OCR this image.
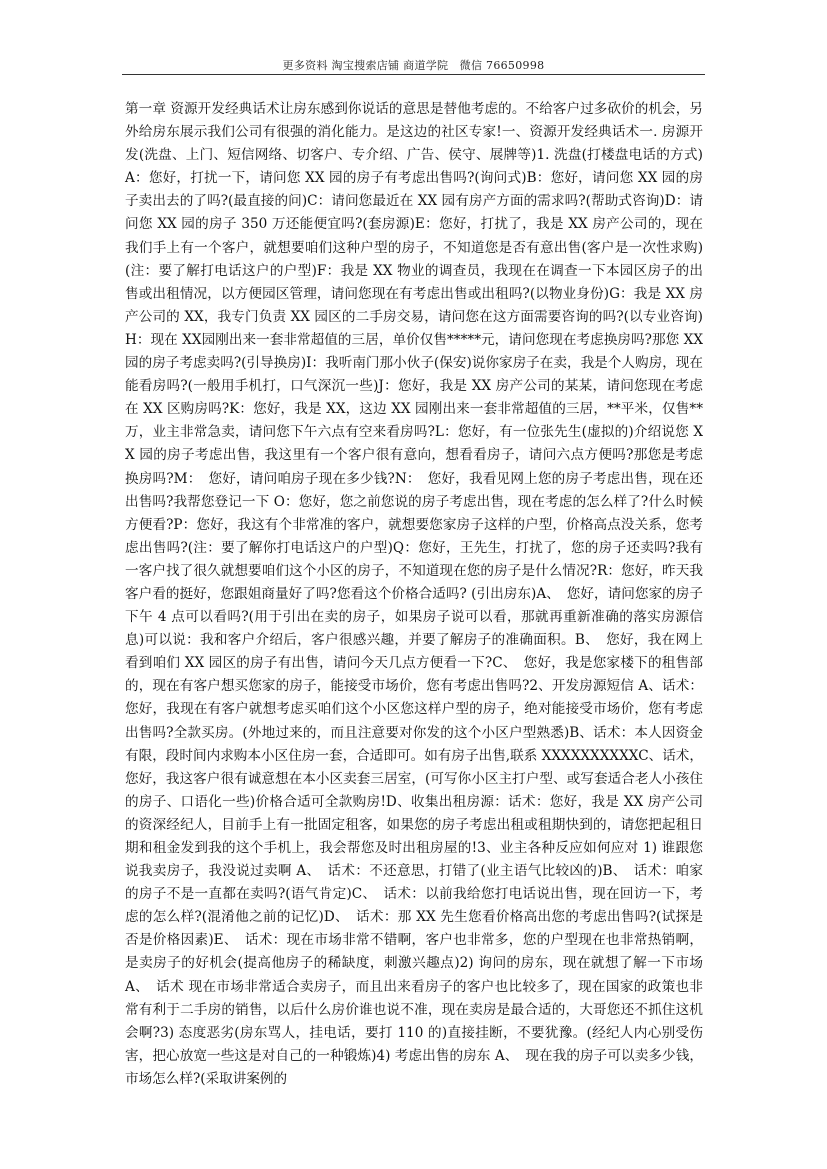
更多资料 淘宝搜索店铺 商道学院　微信 76650998
第一章 资源开发经典话术让房东感到你说话的意思是替他考虑的。不给客户过多砍价的机会，另外给房东展示我们公司有很强的消化能力。是这边的社区专家!一、资源开发经典话术一. 房源开发(洗盘、上门、短信网络、切客户、专介绍、广告、侯守、展牌等)1. 洗盘(打楼盘电话的方式)A：您好，打扰一下，请问您 XX 园的房子有考虑出售吗?(询问式)B：您好，请问您 XX 园的房子卖出去的了吗?(最直接的问)C：请问您最近在 XX 园有房产方面的需求吗?(帮助式咨询)D：请问您 XX 园的房子 350 万还能便宜吗?(套房源)E：您好，打扰了，我是 XX 房产公司的，现在我们手上有一个客户，就想要咱们这种户型的房子，不知道您是否有意出售(客户是一次性求购)(注：要了解打电话这户的户型)F：我是 XX 物业的调查员，我现在在调查一下本园区房子的出售或出租情况，以方便园区管理，请问您现在有考虑出售或出租吗?(以物业身份)G：我是 XX 房产公司的 XX，我专门负责 XX 园区的二手房交易，请问您在这方面需要咨询的吗?(以专业咨询)H：现在 XX园刚出来一套非常超值的三居，单价仅售*****元，请问您现在考虑换房吗?那您 XX 园的房子考虑卖吗?(引导换房)I：我听南门那小伙子(保安)说你家房子在卖，我是个人购房，现在能看房吗?(一般用手机打，口气深沉一些)J：您好，我是 XX 房产公司的某某，请问您现在考虑在 XX 区购房吗?K：您好，我是 XX，这边 XX 园刚出来一套非常超值的三居，**平米，仅售**万，业主非常急卖，请问您下午六点有空来看房吗?L：您好，有一位张先生(虚拟的)介绍说您 XX 园的房子考虑出售，我这里有一个客户很有意向，想看看房子，请问六点方便吗?那您是考虑换房吗?M：　您好，请问咱房子现在多少钱?N：　您好，我看见网上您的房子考虑出售，现在还出售吗?我帮您登记一下 O：您好，您之前您说的房子考虑出售，现在考虑的怎么样了?什么时候方便看?P：您好，我这有个非常准的客户，就想要您家房子这样的户型，价格高点没关系，您考虑出售吗?(注：要了解你打电话这户的户型)Q：您好，王先生，打扰了，您的房子还卖吗?我有一客户找了很久就想要咱们这个小区的房子，不知道现在您的房子是什么情况?R：您好，昨天我客户看的挺好，您跟姐商量好了吗?您看这个价格合适吗? (引出房东)A、　您好，请问您家的房子下午 4 点可以看吗?(用于引出在卖的房子，如果房子说可以看，那就再重新准确的落实房源信息)可以说：我和客户介绍后，客户很感兴趣，并要了解房子的准确面积。B、　您好，我在网上看到咱们 XX 园区的房子有出售，请问今天几点方便看一下?C、　您好，我是您家楼下的租售部的，现在有客户想买您家的房子，能接受市场价，您有考虑出售吗?2、开发房源短信 A、话术：您好，我现在有客户就想考虑买咱们这个小区您这样户型的房子，绝对能接受市场价，您有考虑出售吗?全款买房。(外地过来的，而且注意要对你发的这个小区户型熟悉)B、话术：本人因资金有限，段时间内求购本小区住房一套，合适即可。如有房子出售,联系 XXXXXXXXXXC、话术，您好，我这客户很有诚意想在本小区卖套三居室，(可写你小区主打户型、或写套适合老人小孩住的房子、口语化一些)价格合适可全款购房!D、收集出租房源：话术：您好，我是 XX 房产公司的资深经纪人，目前手上有一批固定租客，如果您的房子考虑出租或租期快到的，请您把起租日期和租金发到我的这个手机上，我会帮您及时出租房屋的!3、业主各种反应如何应对 1) 谁跟您说我卖房子，我没说过卖啊 A、　话术：不还意思，打错了(业主语气比较凶的)B、　话术：咱家的房子不是一直都在卖吗?(语气肯定)C、　话术：以前我给您打电话说出售，现在回访一下，考虑的怎么样?(混淆他之前的记忆)D、　话术：那 XX 先生您看价格高出您的考虑出售吗?(试探是否是价格因素)E、　话术：现在市场非常不错啊，客户也非常多，您的户型现在也非常热销啊，是卖房子的好机会(提高他房子的稀缺度，刺激兴趣点)2) 询问的房东，现在就想了解一下市场 A、　话术 现在市场非常适合卖房子，而且出来看房子的客户也比较多了，现在国家的政策也非常有利于二手房的销售，以后什么房价谁也说不准，现在卖房是最合适的，大哥您还不抓住这机会啊?3) 态度恶劣(房东骂人，挂电话，要打 110 的)直接挂断，不要犹豫。(经纪人内心别受伤害，把心放宽一些这是对自己的一种锻炼)4) 考虑出售的房东 A、　现在我的房子可以卖多少钱，市场怎么样?(采取讲案例的
